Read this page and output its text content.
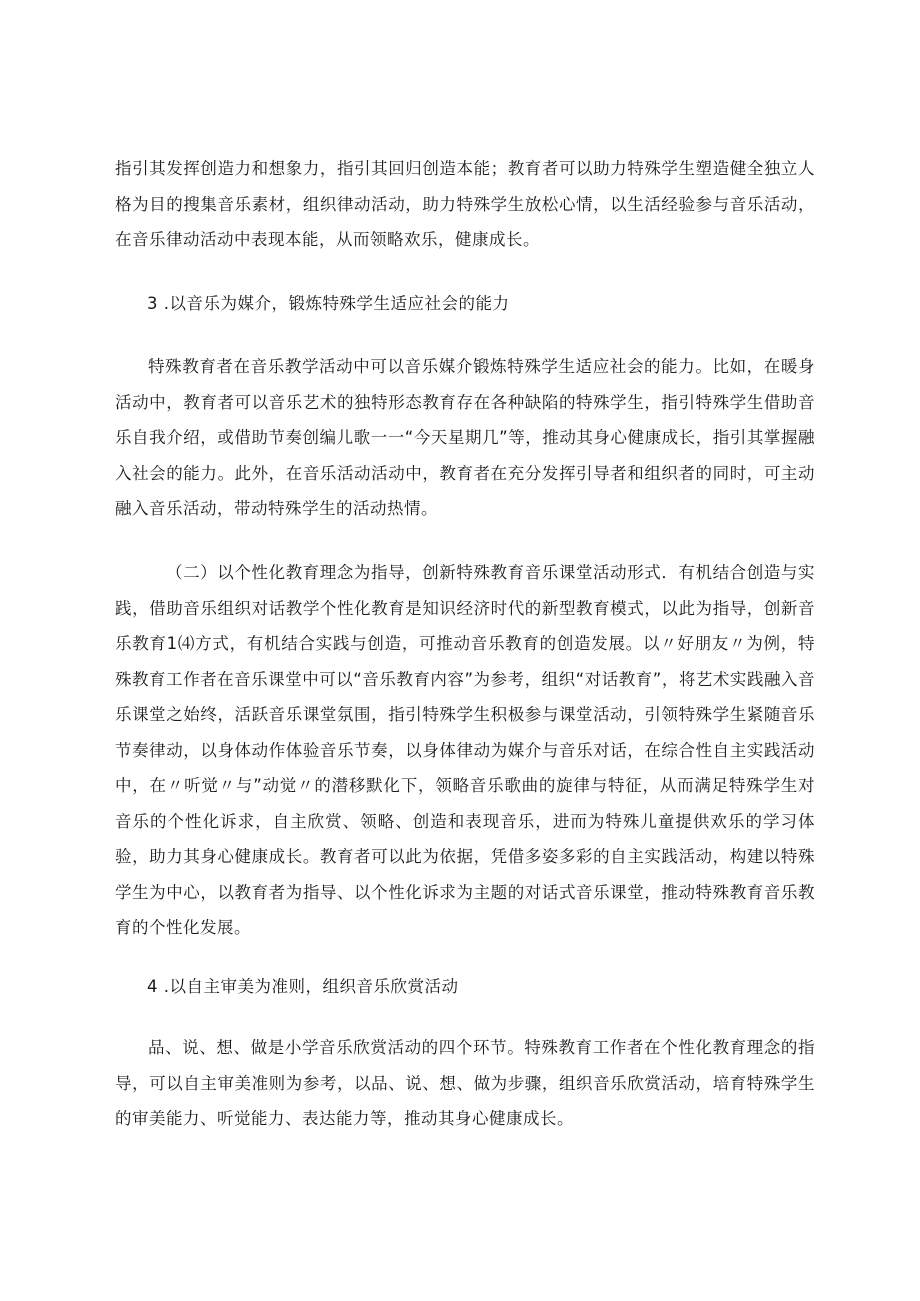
指引其发挥创造力和想象力，指引其回归创造本能；教育者可以助力特殊学生塑造健全独立人格为目的搜集音乐素材，组织律动活动，助力特殊学生放松心情，以生活经验参与音乐活动，在音乐律动活动中表现本能，从而领略欢乐，健康成长。

3 .以音乐为媒介，锻炼特殊学生适应社会的能力

特殊教育者在音乐教学活动中可以音乐媒介锻炼特殊学生适应社会的能力。比如，在暖身活动中，教育者可以音乐艺术的独特形态教育存在各种缺陷的特殊学生，指引特殊学生借助音乐自我介绍，或借助节奏创编儿歌一一“今天星期几”等，推动其身心健康成长，指引其掌握融入社会的能力。此外，在音乐活动活动中，教育者在充分发挥引导者和组织者的同时，可主动融入音乐活动，带动特殊学生的活动热情。

（二）以个性化教育理念为指导，创新特殊教育音乐课堂活动形式．有机结合创造与实践，借助音乐组织对话教学个性化教育是知识经济时代的新型教育模式，以此为指导，创新音乐教育1⑷方式，有机结合实践与创造，可推动音乐教育的创造发展。以〃好朋友〃为例，特殊教育工作者在音乐课堂中可以“音乐教育内容”为参考，组织“对话教育”，将艺术实践融入音乐课堂之始终，活跃音乐课堂氛围，指引特殊学生积极参与课堂活动，引领特殊学生紧随音乐节奏律动，以身体动作体验音乐节奏，以身体律动为媒介与音乐对话，在综合性自主实践活动中，在〃听觉〃与”动觉〃的潜移默化下，领略音乐歌曲的旋律与特征，从而满足特殊学生对音乐的个性化诉求，自主欣赏、领略、创造和表现音乐，进而为特殊儿童提供欢乐的学习体验，助力其身心健康成长。教育者可以此为依据，凭借多姿多彩的自主实践活动，构建以特殊学生为中心，以教育者为指导、以个性化诉求为主题的对话式音乐课堂，推动特殊教育音乐教育的个性化发展。

4 .以自主审美为准则，组织音乐欣赏活动

品、说、想、做是小学音乐欣赏活动的四个环节。特殊教育工作者在个性化教育理念的指导，可以自主审美准则为参考，以品、说、想、做为步骤，组织音乐欣赏活动，培育特殊学生的审美能力、听觉能力、表达能力等，推动其身心健康成长。
